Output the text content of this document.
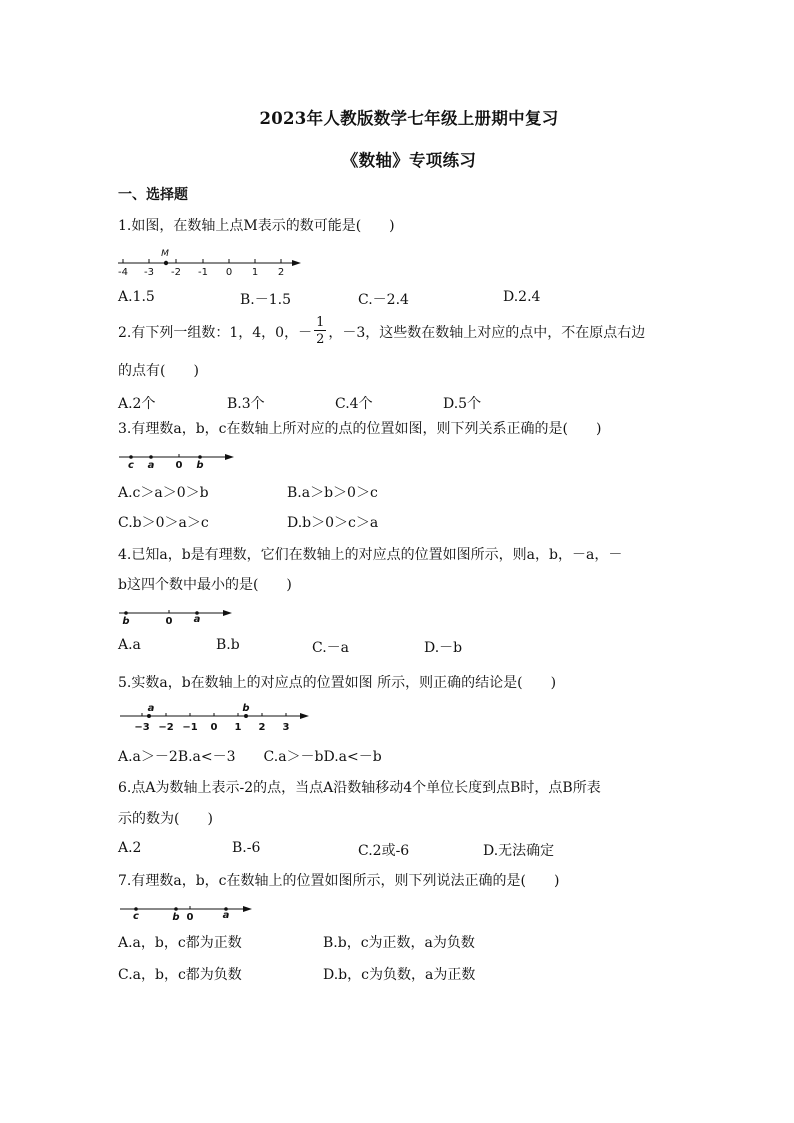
2023年人教版数学七年级上册期中复习
《数轴》专项练习
一、选择题
1.如图，在数轴上点M表示的数可能是(　　)
M
-4 -3 -2 -1 0 1 2
A.1.5	B.－1.5	C.－2.4	D.2.4
2.有下列一组数：1，4，0，－ $\frac{1}{2}$ ，－3，这些数在数轴上对应的点中，不在原点右边
的点有(　　)
A.2个	B.3个	C.4个	D.5个
3.有理数a，b，c在数轴上所对应的点的位置如图，则下列关系正确的是(　　)
c a 0 b
A.c＞a＞0＞b	B.a＞b＞0＞c
C.b＞0＞a＞c	D.b＞0＞c＞a
4.已知a，b是有理数，它们在数轴上的对应点的位置如图所示，则a，b，－a，－
b这四个数中最小的是(　　)
b	0 a
A.a	B.b	C.－a	D.－b
5.实数a，b在数轴上的对应点的位置如图 所示，则正确的结论是(　　)
a	b
−3 −2 −1 0 1 2 3
A.a＞－2B.a<－3　　C.a＞－bD.a<－b
6.点A为数轴上表示-2的点，当点A沿数轴移动4个单位长度到点B时，点B所表
示的数为(　　)
A.2	B.-6	C.2或-6	D.无法确定
7.有理数a，b，c在数轴上的位置如图所示，则下列说法正确的是(　　)
c	b 0	a
A.a，b，c都为正数	B.b，c为正数，a为负数
C.a，b，c都为负数	D.b，c为负数，a为正数
